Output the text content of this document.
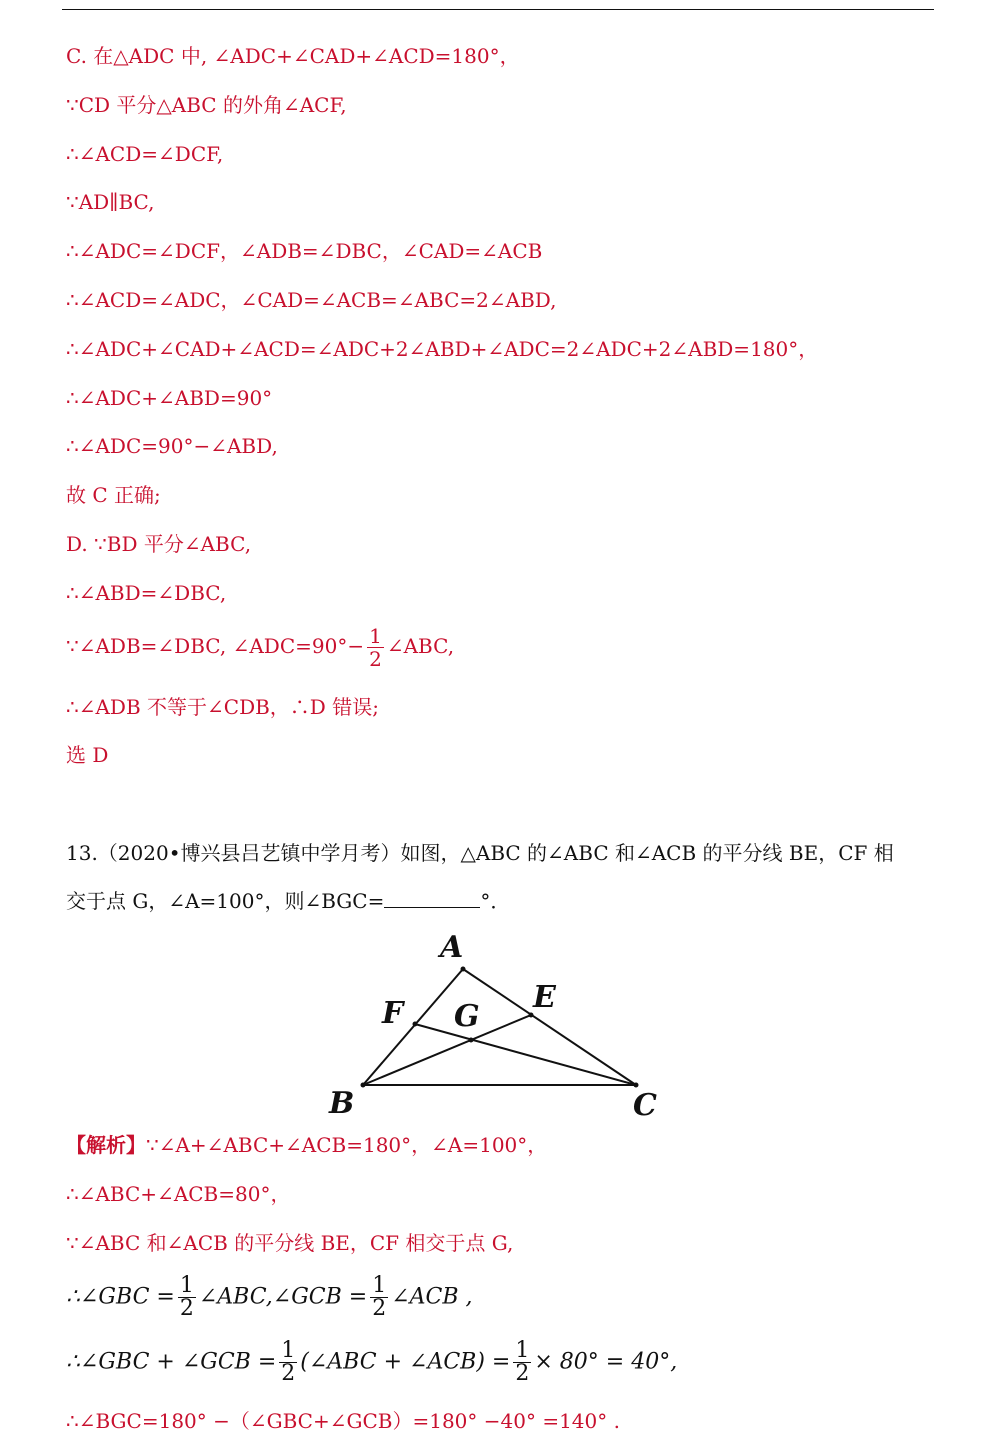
C. 在△ADC 中, ∠ADC+∠CAD+∠ACD=180°，
∵CD 平分△ABC 的外角∠ACF,
∴∠ACD=∠DCF,
∵AD∥BC,
∴∠ADC=∠DCF，∠ADB=∠DBC，∠CAD=∠ACB
∴∠ACD=∠ADC，∠CAD=∠ACB=∠ABC=2∠ABD,
∴∠ADC+∠CAD+∠ACD=∠ADC+2∠ABD+∠ADC=2∠ADC+2∠ABD=180°，
∴∠ADC+∠ABD=90°
∴∠ADC=90°−∠ABD,
故 C 正确;
D. ∵BD 平分∠ABC,
∴∠ABD=∠DBC,
∵∠ADB=∠DBC, ∠ADC=90°− $\frac{1}{2}$ ∠ABC,
∴∠ADB 不等于∠CDB，∴D 错误;
选 D
13.（2020•博兴县吕艺镇中学月考）如图，△ABC 的∠ABC 和∠ACB 的平分线 BE，CF 相
交于点 G，∠A=100°，则∠BGC=	°．
A
B	C
E
F G
【解析】∵∠A+∠ABC+∠ACB=180°，∠A=100°，
∴∠ABC+∠ACB=80°，
∵∠ABC 和∠ACB 的平分线 BE，CF 相交于点 G,
∴∠GBC = $\frac{1}{2}$ ∠ABC,∠GCB = $\frac{1}{2}$ ∠ACB ,
∴∠GBC + ∠GCB = $\frac{1}{2}$ (∠ABC + ∠ACB) = $\frac{1}{2} \times 80^\circ = 40^\circ$,
∴∠BGC=180° −（∠GBC+∠GCB）=180° −40° =140° .
